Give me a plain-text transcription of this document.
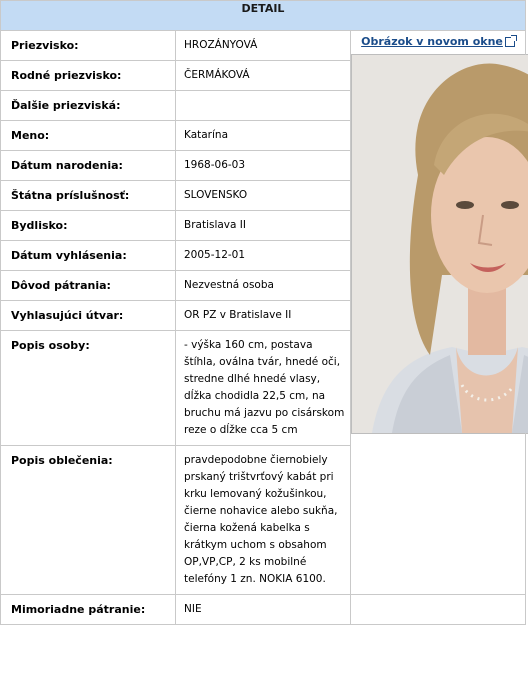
DETAIL		
Priezvisko:	HROZÁNYOVÁ	Obrázok v novom okne

Rodné priezvisko:	ČERMÁKOVÁ	
Ďalšie priezviská:		
Meno:	Katarína	
Dátum narodenia:	1968-06-03	
Štátna príslušnosť:	SLOVENSKO	
Bydlisko:	Bratislava II	
Dátum vyhlásenia:	2005-12-01	
Dôvod pátrania:	Nezvestná osoba	
Vyhlasujúci útvar:	OR PZ v Bratislave II	
Popis osoby:	- výška 160 cm, postava štíhla, oválna tvár, hnedé oči, stredne dlhé hnedé vlasy, dĺžka chodidla 22,5 cm, na bruchu má jazvu po cisárskom reze o dĺžke cca 5 cm	
Popis oblečenia:	pravdepodobne čiernobiely prskaný trištvrťový kabát pri krku lemovaný kožušinkou, čierne nohavice alebo sukňa, čierna kožená kabelka s krátkym uchom s obsahom OP,VP,CP, 2 ks mobilné telefóny 1 zn. NOKIA 6100.	
Mimoriadne pátranie:	NIE	
